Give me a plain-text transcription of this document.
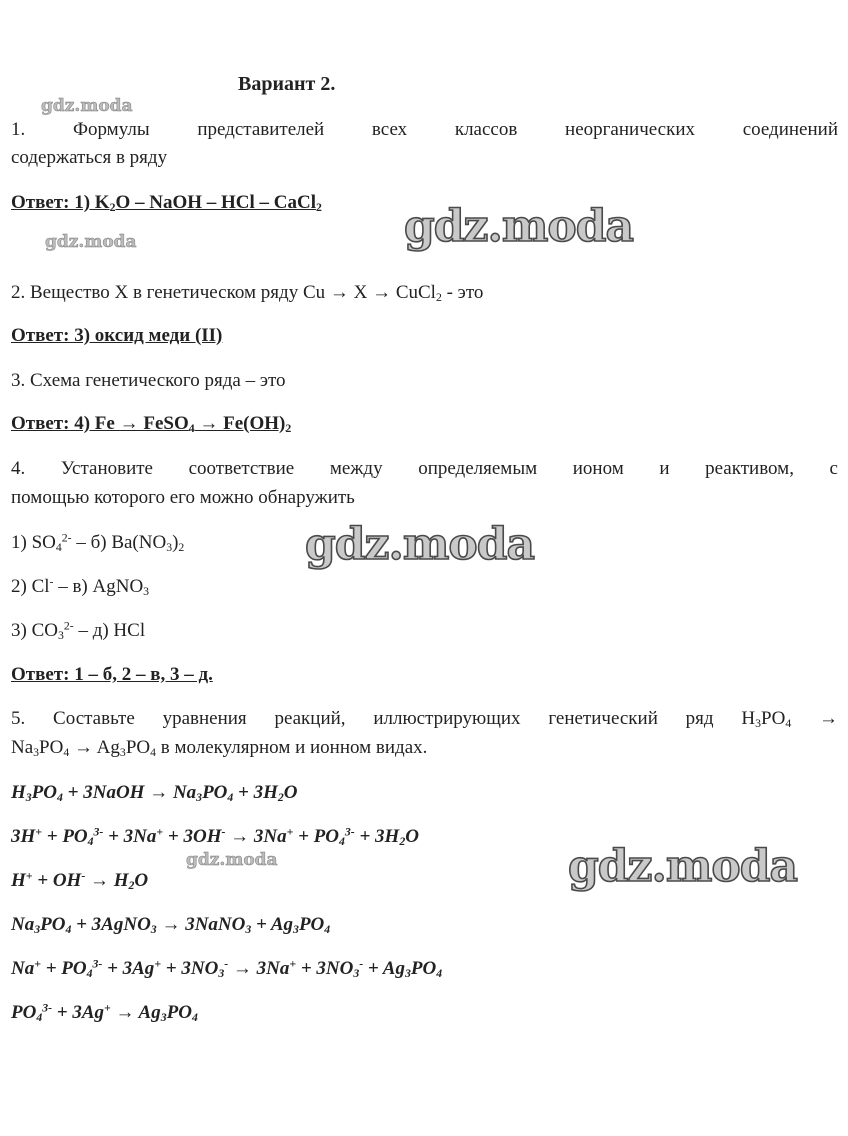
Вариант 2.
1. Формулы представителей всех классов неорганических соединений
содержаться в ряду
Ответ: 1) $K_2O$ – NaOH – HCl – CaCl$_2$
2. Вещество X в генетическом ряду Cu → X → CuCl$_2$ - это
Ответ: 3) оксид меди (II)
3. Схема генетического ряда – это
Ответ: 4) Fe → FeSO$_4$ → $Fe(OH)_2$
4. Установите соответствие между определяемым ионом и реактивом, с
помощью которого его можно обнаружить
1) $SO_4^{2-} - б$) $Ba(NO_3)_2$
2) Cl- – в) AgNO$_3$
3) $CO_3^{2-} - д$) HCl
Ответ: 1 – б, 2 – в, 3 – д.
5. Составьте уравнения реакций, иллюстрирующих генетический ряд $H_3PO_4$ →
$Na_3PO_4 \to Ag_3PO_4$ в молекулярном и ионном видах.
$H_3PO_4$ + 3NaOH → $Na_3PO_4 + 3H_2O$
$3H^+ + PO_4^{3-} + 3Na^+ + 3OH^- \to 3Na^+ + PO_4^{3-} + 3H_2O$
$H^+ + OH^- \to H_2O$
$Na_3PO_4$ + 3AgNO$_3$ → 3NaNO$_3$ + $Ag_3PO_4$
$Na^+ + PO_4^{3-} + 3Ag^+ + 3NO_3^- \to 3Na^+ + 3NO_3^- + Ag_3PO_4$
$PO_4^{3-} + 3Ag^+ \to Ag_3PO_4$
gdz.moda
gdz.moda
gdz.moda
gdz.moda
gdz.moda
gdz.moda
